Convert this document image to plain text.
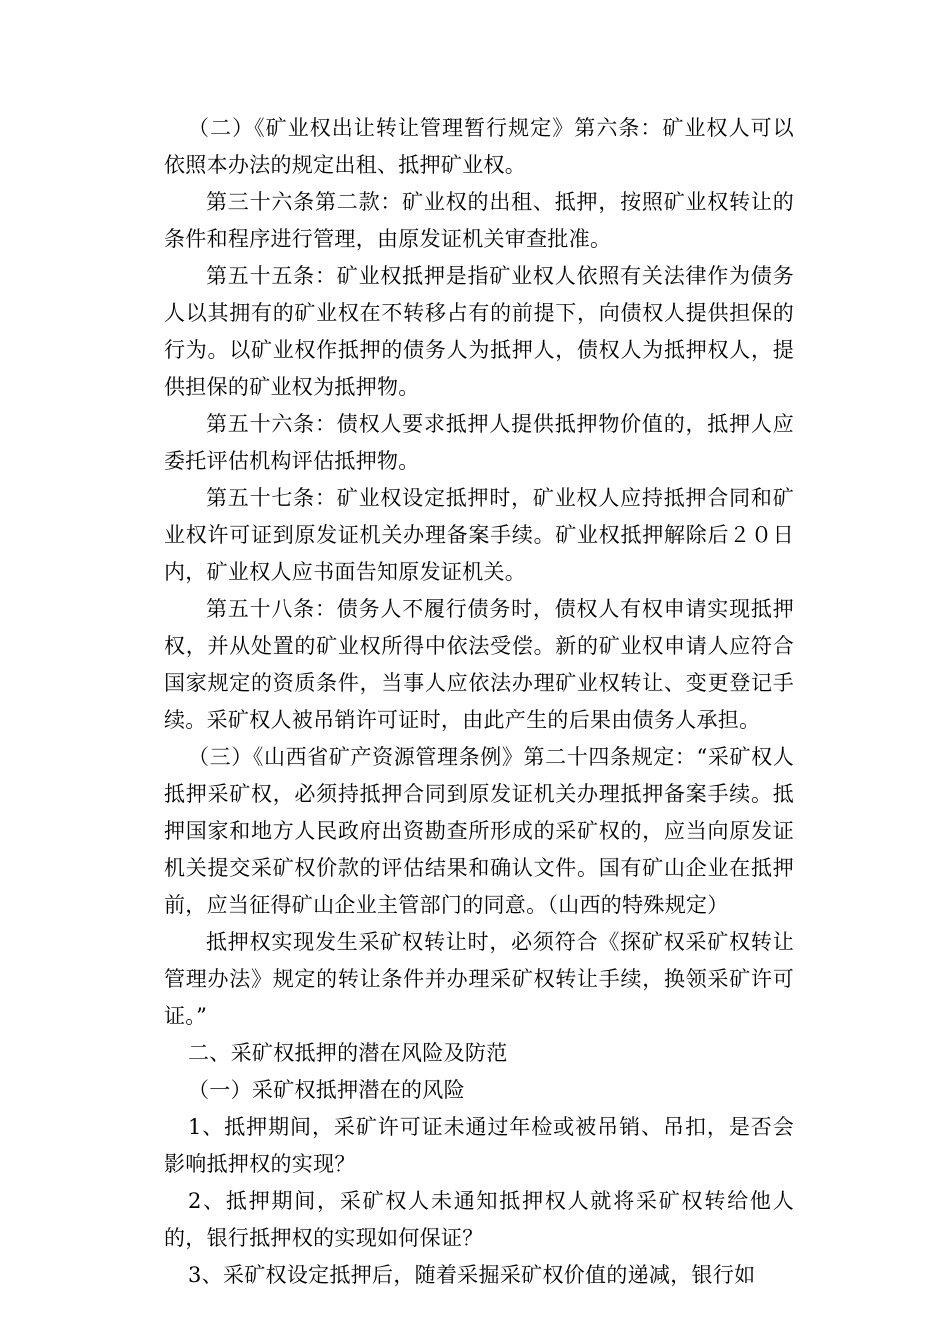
（二）《矿业权出让转让管理暂行规定》第六条：矿业权人可以依照本办法的规定出租、抵押矿业权。

第三十六条第二款：矿业权的出租、抵押，按照矿业权转让的条件和程序进行管理，由原发证机关审查批准。

第五十五条：矿业权抵押是指矿业权人依照有关法律作为债务人以其拥有的矿业权在不转移占有的前提下，向债权人提供担保的行为。以矿业权作抵押的债务人为抵押人，债权人为抵押权人，提供担保的矿业权为抵押物。

第五十六条：债权人要求抵押人提供抵押物价值的，抵押人应委托评估机构评估抵押物。

第五十七条：矿业权设定抵押时，矿业权人应持抵押合同和矿业权许可证到原发证机关办理备案手续。矿业权抵押解除后２０日内，矿业权人应书面告知原发证机关。

第五十八条：债务人不履行债务时，债权人有权申请实现抵押权，并从处置的矿业权所得中依法受偿。新的矿业权申请人应符合国家规定的资质条件，当事人应依法办理矿业权转让、变更登记手续。采矿权人被吊销许可证时，由此产生的后果由债务人承担。

（三）《山西省矿产资源管理条例》第二十四条规定：“采矿权人抵押采矿权，必须持抵押合同到原发证机关办理抵押备案手续。抵押国家和地方人民政府出资勘查所形成的采矿权的，应当向原发证机关提交采矿权价款的评估结果和确认文件。国有矿山企业在抵押前，应当征得矿山企业主管部门的同意。（山西的特殊规定）

抵押权实现发生采矿权转让时，必须符合《探矿权采矿权转让管理办法》规定的转让条件并办理采矿权转让手续，换领采矿许可证。”

二、采矿权抵押的潜在风险及防范

（一）采矿权抵押潜在的风险

1、抵押期间，采矿许可证未通过年检或被吊销、吊扣，是否会影响抵押权的实现？

2、抵押期间，采矿权人未通知抵押权人就将采矿权转给他人的，银行抵押权的实现如何保证？

3、采矿权设定抵押后，随着采掘采矿权价值的递减，银行如
